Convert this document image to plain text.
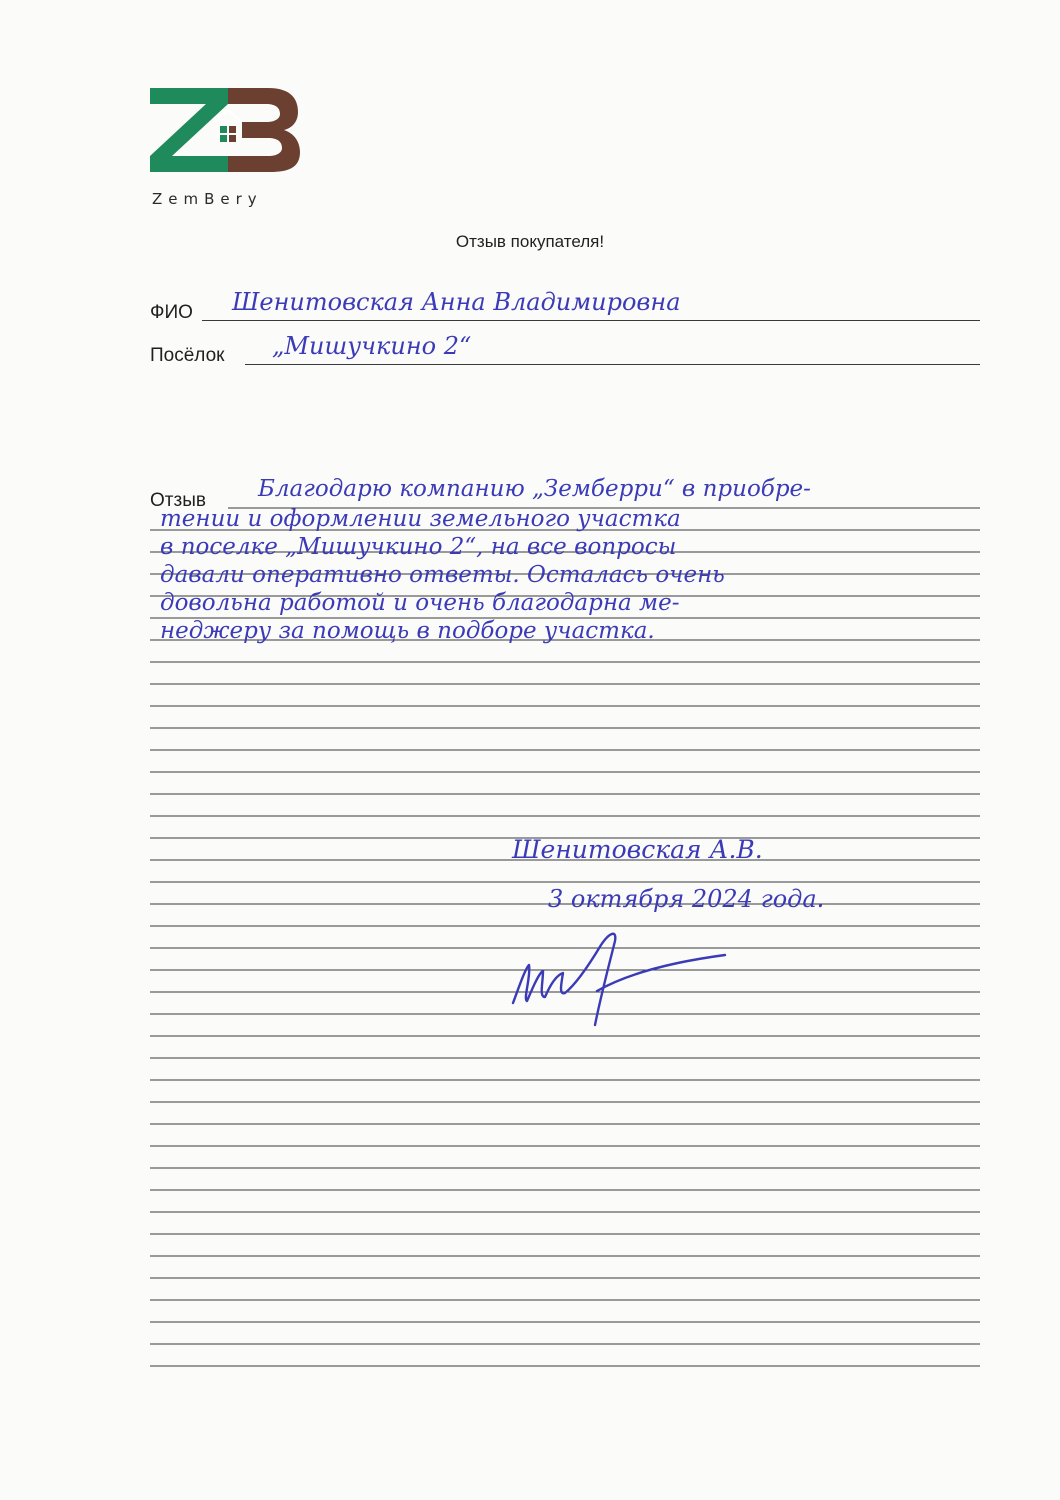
ZemBery
Отзыв покупателя!
ФИО Шенитовская Анна Владимировна
Посёлок „Мишучкино 2“
Отзыв Благодарю компанию „Земберри“ в приобре-
тении и оформлении земельного участка
в поселке „Мишучкино 2“, на все вопросы
давали оперативно ответы. Осталась очень
довольна работой и очень благодарна ме-
неджеру за помощь в подборе участка.
Шенитовская А.В.
3 октября 2024 года.
